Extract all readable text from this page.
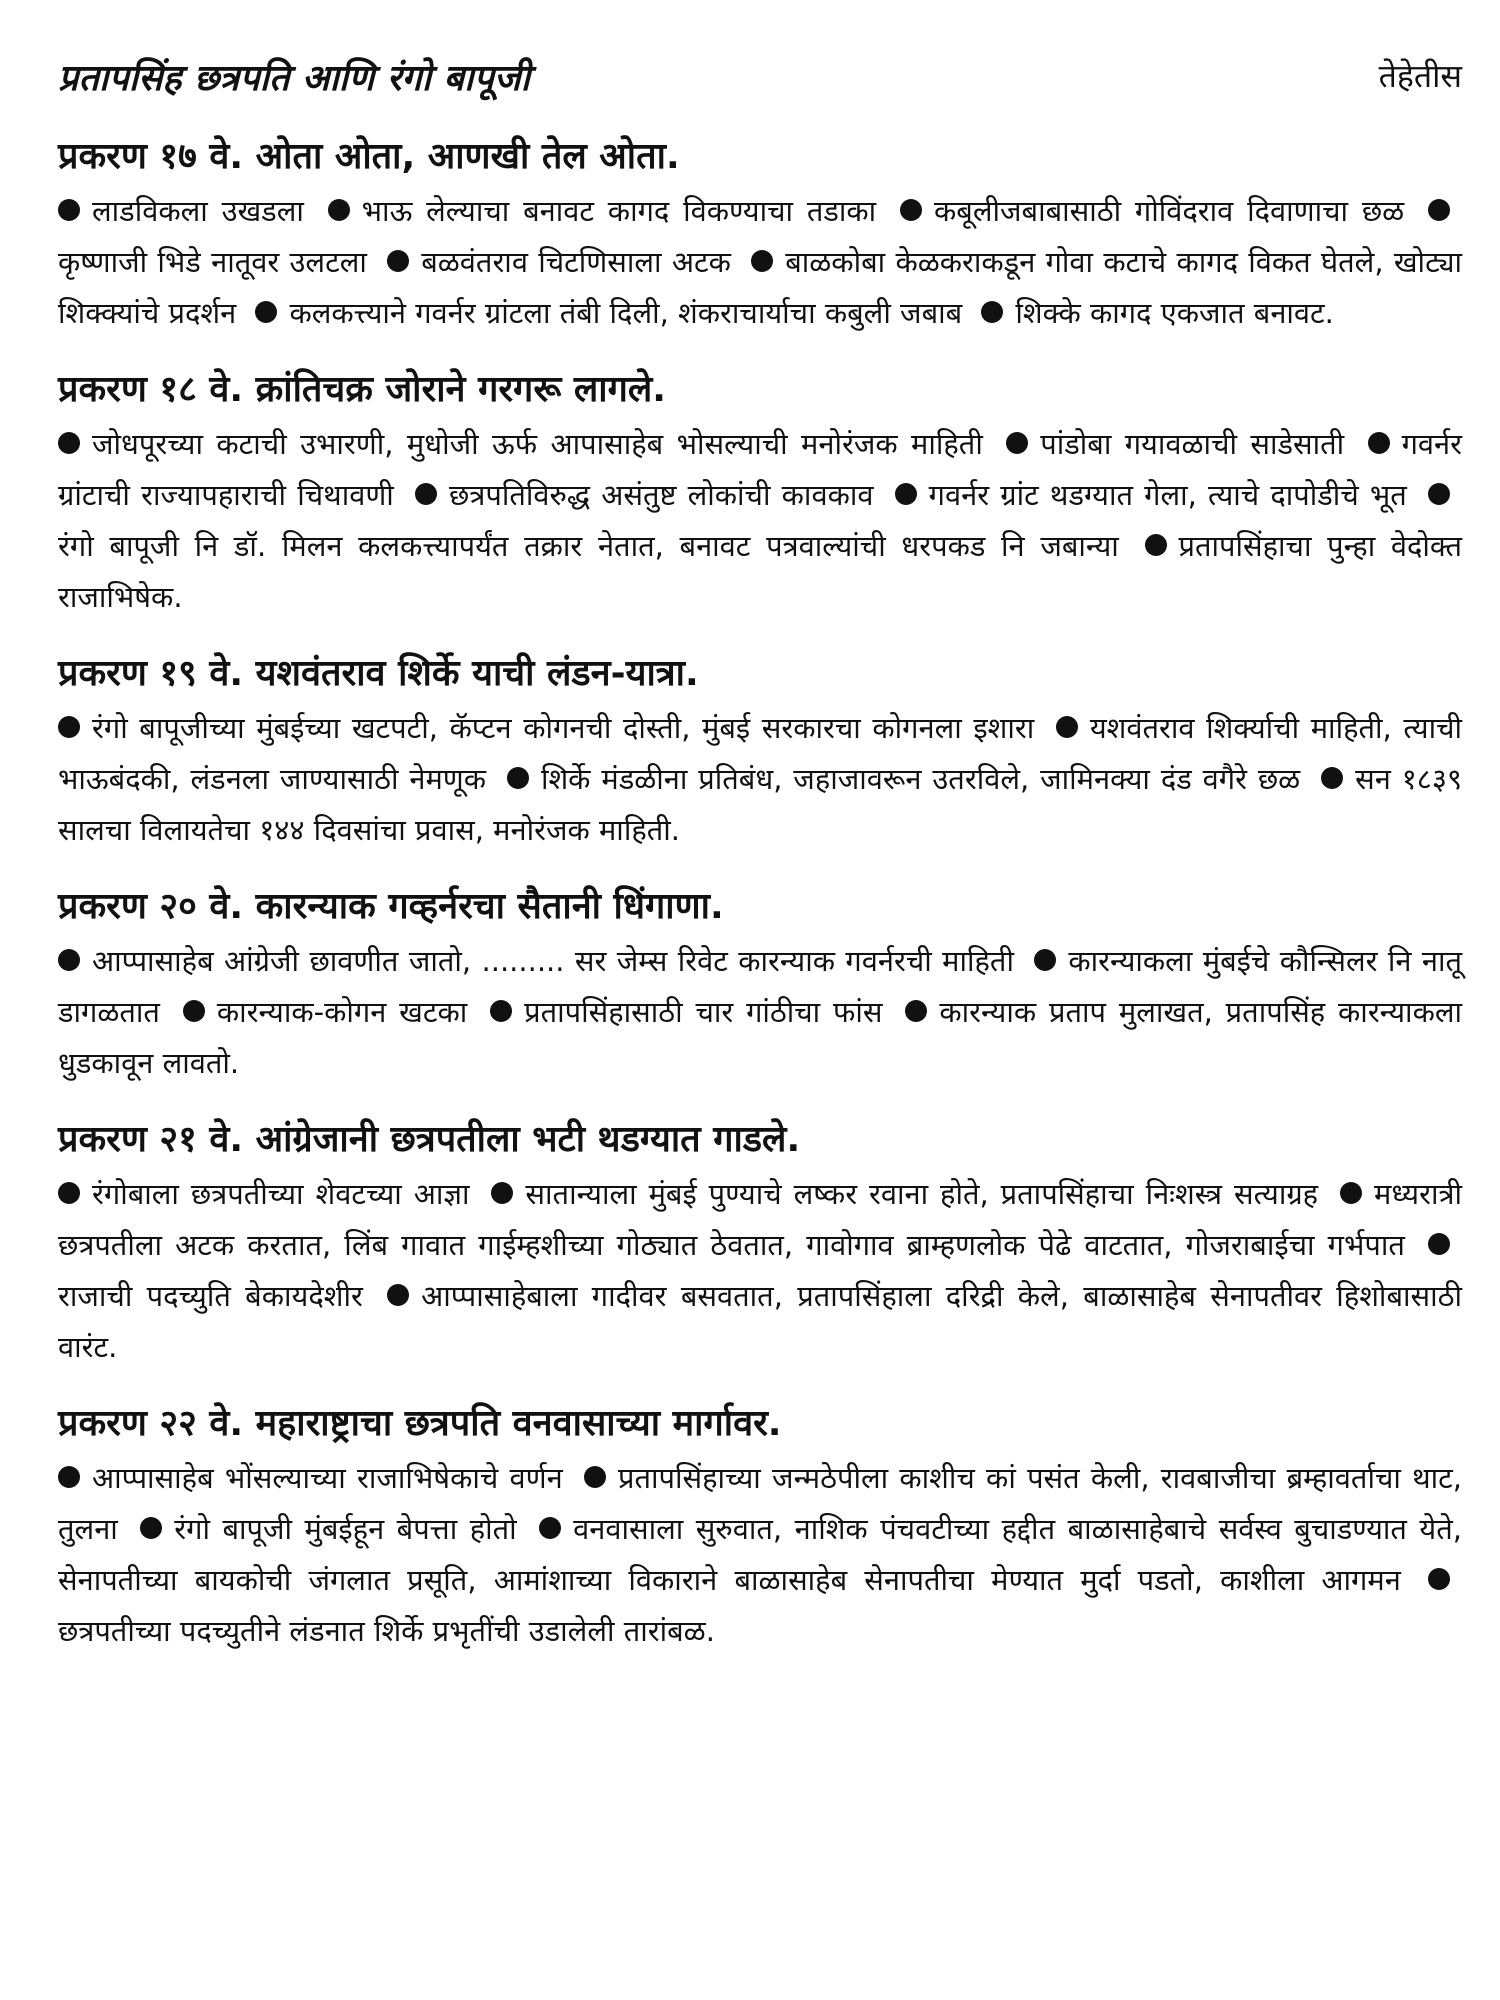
प्रतापसिंह छत्रपति आणि रंगो बापूजी	तेहेतीस
प्रकरण १७ वे. ओता ओता, आणखी तेल ओता.

लाडविकला उखडला भाऊ लेल्याचा बनावट कागद विकण्याचा तडाका कबूलीजबाबासाठी गोविंदराव दिवाणाचा छळ कृष्णाजी भिडे नातूवर उलटला बळवंतराव चिटणिसाला अटक बाळकोबा केळकराकडून गोवा कटाचे कागद विकत घेतले, खोट्या शिक्क्यांचे प्रदर्शन कलकत्त्याने गवर्नर ग्रांटला तंबी दिली, शंकराचार्याचा कबुली जबाब शिक्के कागद एकजात बनावट.

प्रकरण १८ वे. क्रांतिचक्र जोराने गरगरू लागले.

जोधपूरच्या कटाची उभारणी, मुधोजी ऊर्फ आपासाहेब भोसल्याची मनोरंजक माहिती पांडोबा गयावळाची साडेसाती गवर्नर ग्रांटाची राज्यापहाराची चिथावणी छत्रपतिविरुद्ध असंतुष्ट लोकांची कावकाव गवर्नर ग्रांट थडग्यात गेला, त्याचे दापोडीचे भूत रंगो बापूजी नि डॉ. मिलन कलकत्त्यापर्यंत तक्रार नेतात, बनावट पत्रवाल्यांची धरपकड नि जबान्या प्रतापसिंहाचा पुन्हा वेदोक्त राजाभिषेक.

प्रकरण १९ वे. यशवंतराव शिर्के याची लंडन-यात्रा.

रंगो बापूजीच्या मुंबईच्या खटपटी, कॅप्टन कोगनची दोस्ती, मुंबई सरकारचा कोगनला इशारा यशवंतराव शिर्क्याची माहिती, त्याची भाऊबंदकी, लंडनला जाण्यासाठी नेमणूक शिर्के मंडळीना प्रतिबंध, जहाजावरून उतरविले, जामिनक्या दंड वगैरे छळ सन १८३९ सालचा विलायतेचा १४४ दिवसांचा प्रवास, मनोरंजक माहिती.

प्रकरण २० वे. कारन्याक गव्हर्नरचा सैतानी धिंगाणा.

आप्पासाहेब आंग्रेजी छावणीत जातो, ......... सर जेम्स रिवेट कारन्याक गवर्नरची माहिती कारन्याकला मुंबईचे कौन्सिलर नि नातू डागळतात कारन्याक-कोगन खटका प्रतापसिंहासाठी चार गांठीचा फांस कारन्याक प्रताप मुलाखत, प्रतापसिंह कारन्याकला धुडकावून लावतो.

प्रकरण २१ वे. आंग्रेजानी छत्रपतीला भटी थडग्यात गाडले.

रंगोबाला छत्रपतीच्या शेवटच्या आज्ञा सातान्याला मुंबई पुण्याचे लष्कर रवाना होते, प्रतापसिंहाचा निःशस्त्र सत्याग्रह मध्यरात्री छत्रपतीला अटक करतात, लिंब गावात गाईम्हशीच्या गोठ्यात ठेवतात, गावोगाव ब्राम्हणलोक पेढे वाटतात, गोजराबाईचा गर्भपात राजाची पदच्युति बेकायदेशीर आप्पासाहेबाला गादीवर बसवतात, प्रतापसिंहाला दरिद्री केले, बाळासाहेब सेनापतीवर हिशोबासाठी वारंट.

प्रकरण २२ वे. महाराष्ट्राचा छत्रपति वनवासाच्या मार्गावर.

आप्पासाहेब भोंसल्याच्या राजाभिषेकाचे वर्णन प्रतापसिंहाच्या जन्मठेपीला काशीच कां पसंत केली, रावबाजीचा ब्रम्हावर्ताचा थाट, तुलना रंगो बापूजी मुंबईहून बेपत्ता होतो वनवासाला सुरुवात, नाशिक पंचवटीच्या हद्दीत बाळासाहेबाचे सर्वस्व बुचाडण्यात येते, सेनापतीच्या बायकोची जंगलात प्रसूति, आमांशाच्या विकाराने बाळासाहेब सेनापतीचा मेण्यात मुर्दा पडतो, काशीला आगमन छत्रपतीच्या पदच्युतीने लंडनात शिर्के प्रभृतींची उडालेली तारांबळ.
